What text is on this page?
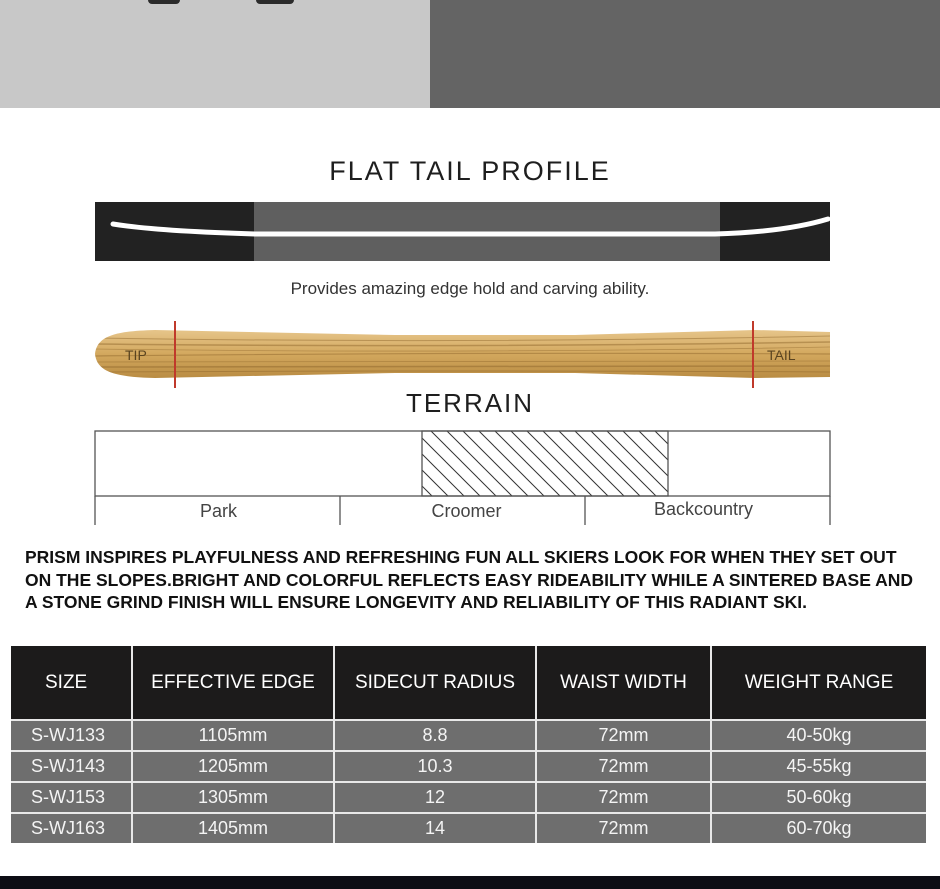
FLAT TAIL PROFILE
Provides amazing edge hold and carving ability.
TIP	TAIL
TERRAIN
Park	Croomer	Backcountry
PRISM INSPIRES PLAYFULNESS AND REFRESHING FUN ALL SKIERS LOOK FOR WHEN THEY SET OUT ON THE SLOPES.BRIGHT AND COLORFUL REFLECTS EASY RIDEABILITY WHILE A SINTERED BASE AND A STONE GRIND FINISH WILL ENSURE LONGEVITY AND RELIABILITY OF THIS RADIANT SKI.
SIZE	EFFECTIVE EDGE	SIDECUT RADIUS	WAIST WIDTH	WEIGHT RANGE
S-WJ133	1105mm	8.8	72mm	40-50kg
S-WJ143	1205mm	10.3	72mm	45-55kg
S-WJ153	1305mm	12	72mm	50-60kg
S-WJ163	1405mm	14	72mm	60-70kg
